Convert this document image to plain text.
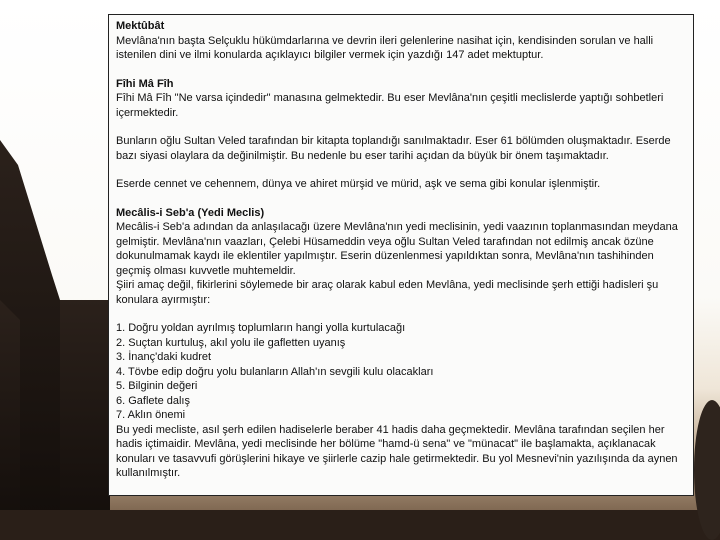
Mektûbât

Mevlâna'nın başta Selçuklu hükümdarlarına ve devrin ileri gelenlerine nasihat için, kendisinden sorulan ve halli istenilen dini ve ilmi konularda açıklayıcı bilgiler vermek için yazdığı 147 adet mektuptur.

Fîhi Mâ Fîh

Fîhi Mâ Fîh "Ne varsa içindedir" manasına gelmektedir. Bu eser Mevlâna'nın çeşitli meclislerde yaptığı sohbetleri içermektedir.

Bunların oğlu Sultan Veled tarafından bir kitapta toplandığı sanılmaktadır. Eser 61 bölümden oluşmaktadır. Eserde bazı siyasi olaylara da değinilmiştir. Bu nedenle bu eser tarihi açıdan da büyük bir önem taşımaktadır.

Eserde cennet ve cehennem, dünya ve ahiret mürşid ve mürid, aşk ve sema gibi konular işlenmiştir.

Mecâlis-i Seb'a (Yedi Meclis)

Mecâlis-i Seb'a adından da anlaşılacağı üzere Mevlâna'nın yedi meclisinin, yedi vaazının toplanmasından meydana gelmiştir. Mevlâna'nın vaazları, Çelebi Hüsameddin veya oğlu Sultan Veled tarafından not edilmiş ancak özüne dokunulmamak kaydı ile eklentiler yapılmıştır. Eserin düzenlenmesi yapıldıktan sonra, Mevlâna'nın tashihinden geçmiş olması kuvvetle muhtemeldir.

Şiiri amaç değil, fikirlerini söylemede bir araç olarak kabul eden Mevlâna, yedi meclisinde şerh ettiği hadisleri şu konulara ayırmıştır:

1. Doğru yoldan ayrılmış toplumların hangi yolla kurtulacağı

2. Suçtan kurtuluş, akıl yolu ile gafletten uyanış

3. İnanç'daki kudret

4. Tövbe edip doğru yolu bulanların Allah'ın sevgili kulu olacakları

5. Bilginin değeri

6. Gaflete dalış

7. Aklın önemi

Bu yedi mecliste, asıl şerh edilen hadiselerle beraber 41 hadis daha geçmektedir. Mevlâna tarafından seçilen her hadis içtimaidir. Mevlâna, yedi meclisinde her bölüme "hamd-ü sena" ve "münacat" ile başlamakta, açıklanacak konuları ve tasavvufi görüşlerini hikaye ve şiirlerle cazip hale getirmektedir. Bu yol Mesnevi'nin yazılışında da aynen kullanılmıştır.
